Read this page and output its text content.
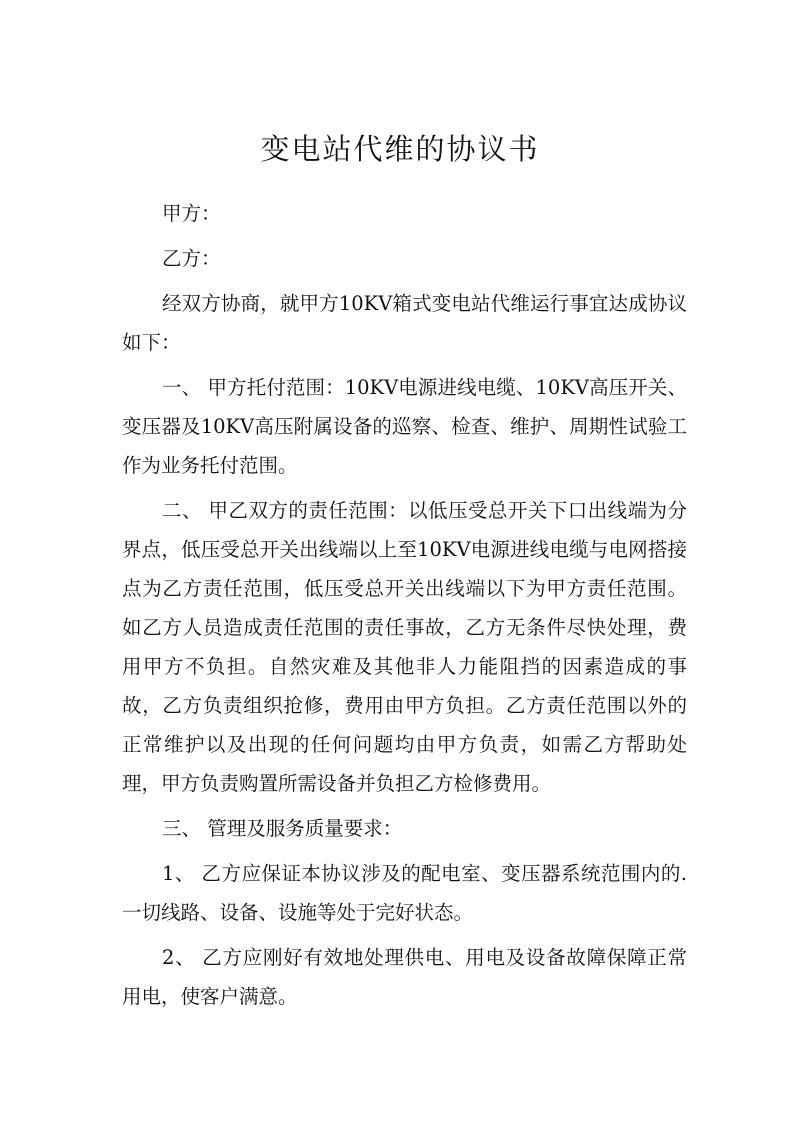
变电站代维的协议书

甲方：

乙方：

经双方协商，就甲方10KV箱式变电站代维运行事宜达成协议如下：

一、 甲方托付范围：10KV电源进线电缆、10KV高压开关、变压器及10KV高压附属设备的巡察、检查、维护、周期性试验工作为业务托付范围。

二、 甲乙双方的责任范围：以低压受总开关下口出线端为分界点，低压受总开关出线端以上至10KV电源进线电缆与电网搭接点为乙方责任范围，低压受总开关出线端以下为甲方责任范围。如乙方人员造成责任范围的责任事故，乙方无条件尽快处理，费用甲方不负担。自然灾难及其他非人力能阻挡的因素造成的事故，乙方负责组织抢修，费用由甲方负担。乙方责任范围以外的正常维护以及出现的任何问题均由甲方负责，如需乙方帮助处理，甲方负责购置所需设备并负担乙方检修费用。

三、 管理及服务质量要求：

1、 乙方应保证本协议涉及的配电室、变压器系统范围内的.一切线路、设备、设施等处于完好状态。

2、 乙方应刚好有效地处理供电、用电及设备故障保障正常用电，使客户满意。
